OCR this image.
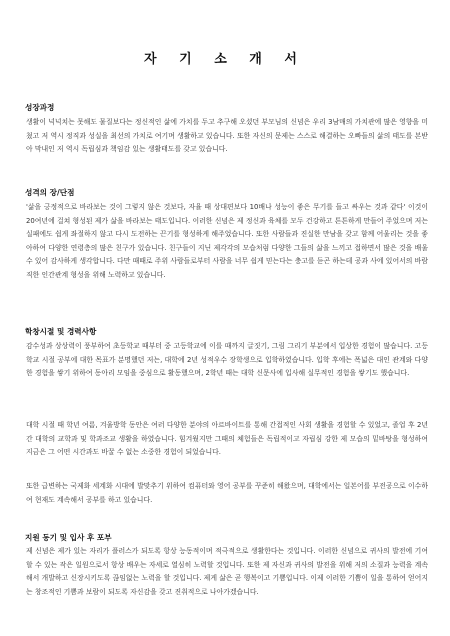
자 기 소 개 서
성장과정

생활이 넉넉치는 못해도 물질보다는 정신적인 삶에 가치를 두고 추구해 오셨던 부모님의 신념은 우리 3남매의 가치관에 많은 영향을 미쳤고 저 역시 정직과 성실을 최선의 가치로 여기며 생활하고 있습니다. 또한 자신의 문제는 스스로 해결하는 오빠들의 삶의 태도를 본받아 막내인 저 역시 독립심과 책임감 있는 생활태도를 갖고 있습니다.

성격의 장/단점

'삶을 긍정적으로 바라보는 것이 그렇지 않은 것보다, 자율 때 상대편보다 10배나 성능이 좋은 무기를 들고 싸우는 것과 같다' 이것이 20여년에 걸쳐 형성된 제가 삶을 바라보는 태도입니다. 이러한 신념은 제 정신과 육체를 모두 건강하고 튼튼하게 만들어 주었으며 저는 실패에도 쉽게 좌절하지 않고 다시 도전하는 끈기를 형성하게 해주었습니다. 또한 사람들과 진실한 만남을 갖고 함께 어울리는 것을 좋아하여 다양한 연령층의 많은 친구가 있습니다. 친구들이 지닌 제각각의 모습처럼 다양한 그들의 삶을 느끼고 접하면서 많은 것을 배울 수 있어 감사하게 생각합니다. 다만 때때로 주위 사람들로부터 사람을 너무 쉽게 믿는다는 충고를 듣곤 하는데 공과 사에 있어서의 바람직한 인간관계 형성을 위해 노력하고 있습니다.

학창시절 및 경력사항

감수성과 상상력이 풍부하여 초등학교 때부터 중 고등학교에 이를 때까지 글짓기, 그림 그리기 부분에서 입상한 경험이 많습니다. 고등학교 시절 공부에 대한 목표가 분명했던 저는, 대학에 2년 성적우수 장학생으로 입학하였습니다. 입학 후에는 폭넓은 대인 관계와 다양한 경험을 쌓기 위하여 동아리 모임을 중심으로 활동했으며, 2학년 때는 대학 신문사에 입사해 실무적인 경험을 쌓기도 했습니다.

대학 시절 때 학년 여름, 겨울방학 동안은 여러 다양한 분야의 아르바이트를 통해 간접적인 사회 생활을 경험할 수 있었고, 졸업 후 2년간 대학의 교학과 및 학과조교 생활을 하였습니다. 힘겨웠지만 그때의 체험들은 독립적이고 자립심 강한 제 모습의 밑바탕을 형성하여 지금은 그 어떤 시간과도 바꿀 수 없는 소중한 경험이 되었습니다.

또한 급변하는 국제화 세계화 시대에 발맞추기 위하여 컴퓨터와 영어 공부를 꾸준히 해왔으며, 대학에서는 일본어를 부전공으로 이수하여 현재도 계속해서 공부를 하고 있습니다.

지원 동기 및 입사 후 포부

제 신념은 제가 있는 자리가 플러스가 되도록 항상 능동적이며 적극적으로 생활한다는 것입니다. 이러한 신념으로 귀사의 발전에 기여할 수 있는 작은 일원으로서 항상 배우는 자세로 열심히 노력할 것입니다. 또한 제 자신과 귀사의 발전을 위해 저의 소질과 능력을 계속해서 개발하고 신장시키도록 끊임없는 노력을 할 것입니다. 제게 삶은 곧 행복이고 기쁨입니다. 이제 이러한 기쁨이 일을 통하여 얻어지는 창조적인 기쁨과 보람이 되도록 자신감을 갖고 진취적으로 나아가겠습니다.
